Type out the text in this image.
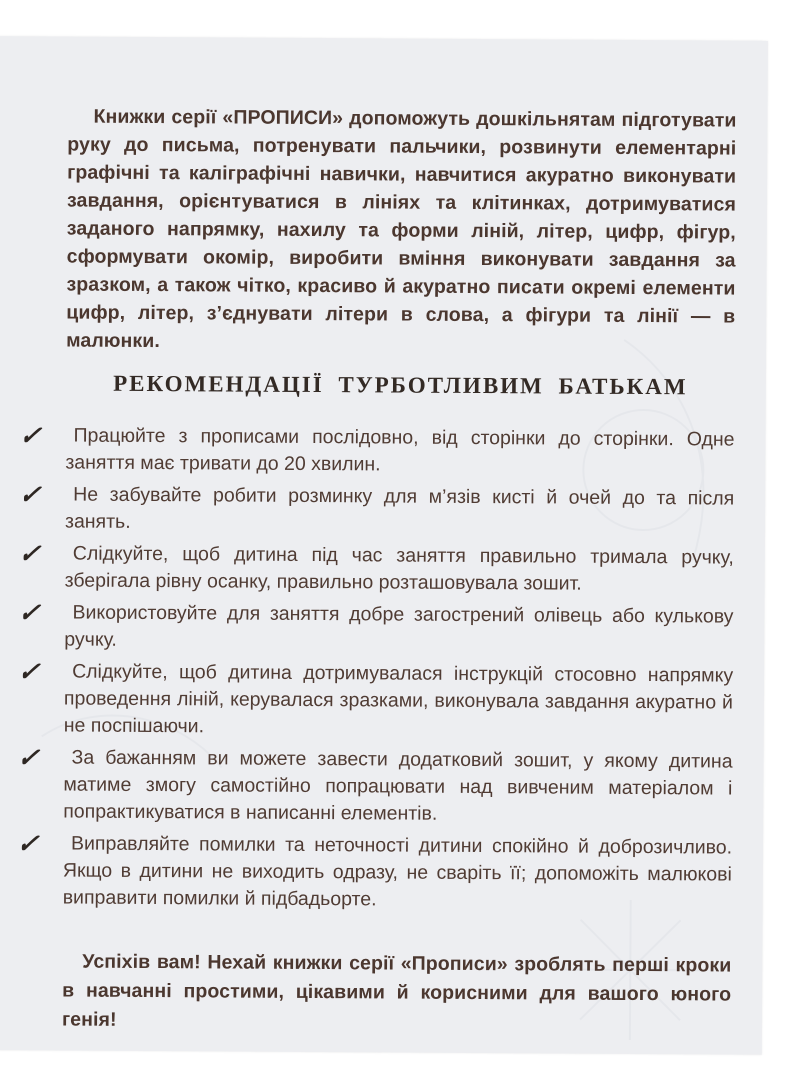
Книжки серії «ПРОПИСИ» допоможуть дошкільнятам підготувати руку до письма, потренувати пальчики, розвинути елементарні графічні та каліграфічні навички, навчитися акуратно виконувати завдання, орієнтуватися в лініях та клітинках, дотримуватися заданого напрямку, нахилу та форми ліній, літер, цифр, фігур, сформувати окомір, виробити вміння виконувати завдання за зразком, а також чітко, красиво й акуратно писати окремі елементи цифр, літер, з’єднувати літери в слова, а фігури та лінії — в малюнки.

РЕКОМЕНДАЦІЇ ТУРБОТЛИВИМ БАТЬКАМ
✓	Працюйте з прописами послідовно, від сторінки до сторінки. Одне заняття має тривати до 20 хвилин.
✓	Не забувайте робити розминку для м’язів кисті й очей до та після занять.
✓	Слідкуйте, щоб дитина під час заняття правильно тримала ручку, зберігала рівну осанку, правильно розташовувала зошит.
✓	Використовуйте для заняття добре загострений олівець або кулькову ручку.
✓	Слідкуйте, щоб дитина дотримувалася інструкцій стосовно напрямку проведення ліній, керувалася зразками, виконувала завдання акуратно й не поспішаючи.
✓	За бажанням ви можете завести додатковий зошит, у якому дитина матиме змогу самостійно попрацювати над вивченим матеріалом і попрактикуватися в написанні елементів.
✓	Виправляйте помилки та неточності дитини спокійно й доброзичливо. Якщо в дитини не виходить одразу, не сваріть її; допоможіть малюкові виправити помилки й підбадьорте.

Успіхів вам! Нехай книжки серії «Прописи» зроблять перші кроки в навчанні простими, цікавими й корисними для вашого юного генія!
